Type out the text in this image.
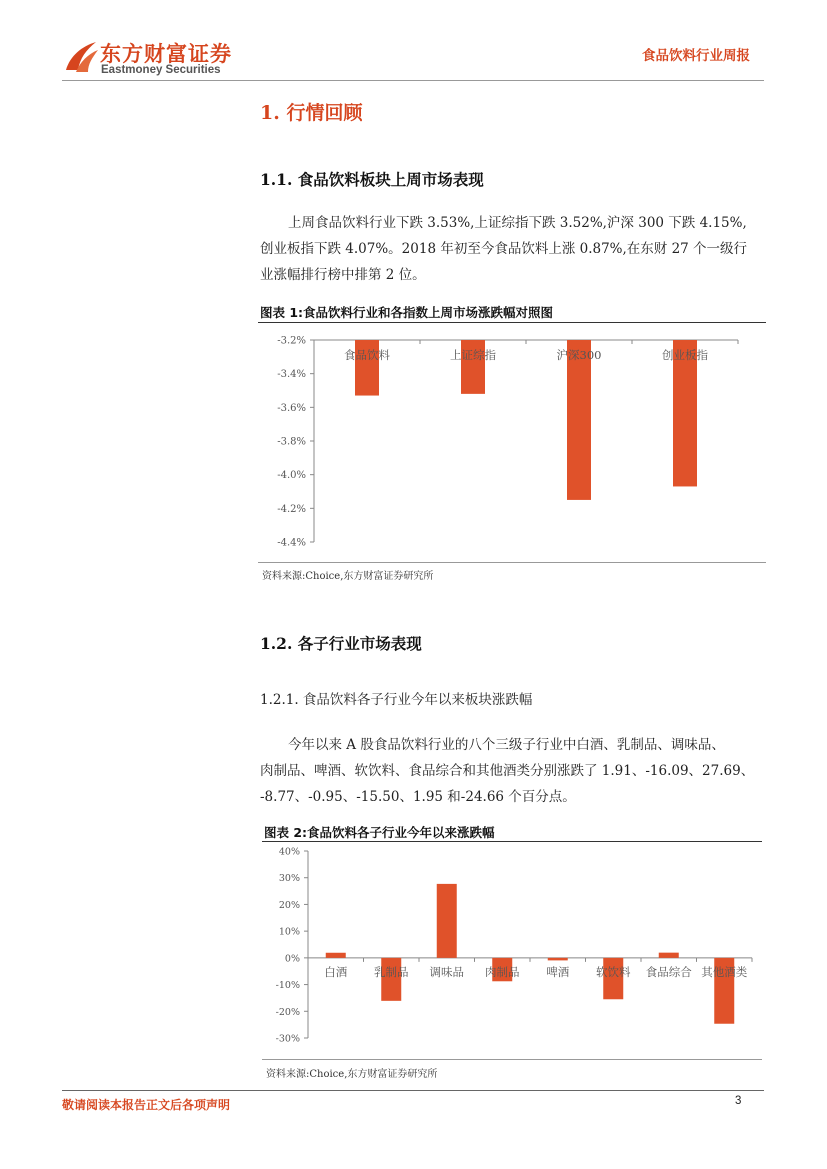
东方财富证券
Eastmoney Securities
食品饮料行业周报
1. 行情回顾
1.1. 食品饮料板块上周市场表现
上周食品饮料行业下跌 3.53%,上证综指下跌 3.52%,沪深 300 下跌 4.15%,
创业板指下跌 4.07%。2018 年初至今食品饮料上涨 0.87%,在东财 27 个一级行
业涨幅排行榜中排第 2 位。
图表 1:食品饮料行业和各指数上周市场涨跌幅对照图
-3.2%
-3.4%
-3.6%
-3.8%
-4.0%
-4.2%
-4.4%
食品饮料	上证综指	沪深300	创业板指
资料来源:Choice,东方财富证券研究所
1.2. 各子行业市场表现
1.2.1. 食品饮料各子行业今年以来板块涨跌幅
今年以来 A 股食品饮料行业的八个三级子行业中白酒、乳制品、调味品、
肉制品、啤酒、软饮料、食品综合和其他酒类分别涨跌了 1.91、-16.09、27.69、
-8.77、-0.95、-15.50、1.95 和-24.66 个百分点。
图表 2:食品饮料各子行业今年以来涨跌幅
40%
30%
20%
10%
0%
-10%
-20%
-30%
白酒 乳制品 调味品 肉制品 啤酒 软饮料 食品综合 其他酒类
资料来源:Choice,东方财富证券研究所
敬请阅读本报告正文后各项声明	3
